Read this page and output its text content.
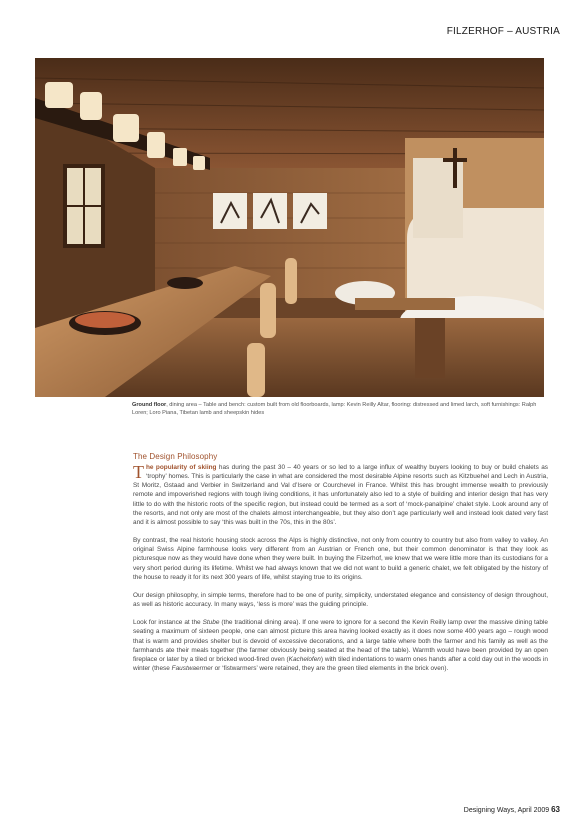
FILZERHOF – AUSTRIA
Ground floor, dining area – Table and bench: custom built from old floorboards, lamp: Kevin Reilly Altar, flooring: distressed and limed larch, soft furnishings: Ralph Loren; Loro Piana, Tibetan lamb and sheepskin hides
The Design Philosophy

The popularity of skiing has during the past 30 – 40 years or so led to a large influx of wealthy buyers looking to buy or build chalets as ‘trophy’ homes. This is particularly the case in what are considered the most desirable Alpine resorts such as Kitzbuehel and Lech in Austria, St Moritz, Gstaad and Verbier in Switzerland and Val d’Isere or Courchevel in France. Whilst this has brought immense wealth to previously remote and impoverished regions with tough living conditions, it has unfortunately also led to a style of building and interior design that has very little to do with the historic roots of the specific region, but instead could be termed as a sort of ‘mock-panalpine’ chalet style. Look around any of the resorts, and not only are most of the chalets almost interchangeable, but they also don’t age particularly well and instead look dated very fast and it is almost possible to say ‘this was built in the 70s, this in the 80s’.

By contrast, the real historic housing stock across the Alps is highly distinctive, not only from country to country but also from valley to valley. An original Swiss Alpine farmhouse looks very different from an Austrian or French one, but their common denominator is that they look as picturesque now as they would have done when they were built. In buying the Filzerhof, we knew that we were little more than its custodians for a very short period during its lifetime. Whilst we had always known that we did not want to build a generic chalet, we felt obligated by the history of the house to ready it for its next 300 years of life, whilst staying true to its origins.

Our design philosophy, in simple terms, therefore had to be one of purity, simplicity, understated elegance and consistency of design throughout, as well as historic accuracy. In many ways, ‘less is more’ was the guiding principle.

Look for instance at the Stube (the traditional dining area). If one were to ignore for a second the Kevin Reilly lamp over the massive dining table seating a maximum of sixteen people, one can almost picture this area having looked exactly as it does now some 400 years ago – rough wood that is warm and provides shelter but is devoid of excessive decorations, and a large table where both the farmer and his family as well as the farmhands ate their meals together (the farmer obviously being seated at the head of the table). Warmth would have been provided by an open fireplace or later by a tiled or bricked wood-fired oven (Kachelofen) with tiled indentations to warm ones hands after a cold day out in the woods in winter (these Faustwaermer or ‘fistwarmers’ were retained, they are the green tiled elements in the brick oven).

Designing Ways, April 2009 63
